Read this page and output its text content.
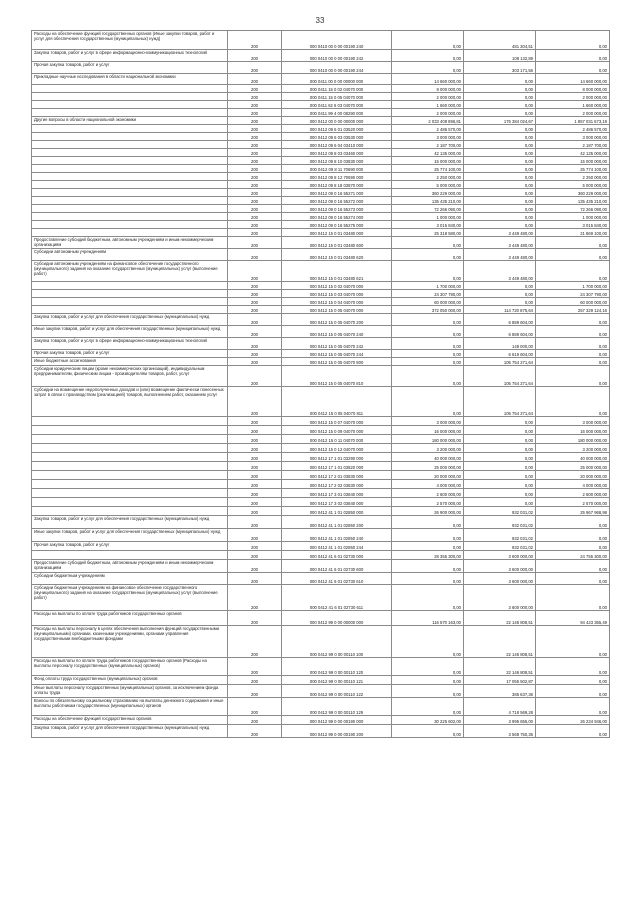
33
Расходы на обеспечение функций государственных органов (Иные закупки товаров, работ и услуг для обеспечения государственных (муниципальных) нужд)	200	000 0410 00 0 00 00190 240	0,00	481 304,51	0,00
Закупка товаров, работ и услуг в сфере информационно-коммуникационных технологий	200	000 0410 00 0 00 00190 242	0,00	108 132,89	0,00
Прочая закупка товаров, работ и услуг	200	000 0410 00 0 00 00190 244	0,00	303 171,56	0,00
Прикладные научные исследования в области национальной экономики	200	000 0411 00 0 00 00000 000	14 660 000,00	0,00	14 660 000,00
	200	000 0411 15 0 02 04070 000	8 000 000,00	0,00	8 000 000,00
	200	000 0411 15 0 05 04070 000	2 000 000,00	0,00	2 000 000,00
	200	000 0411 62 6 03 04070 000	1 660 000,00	0,00	1 660 000,00
	200	000 0411 99 4 00 08290 000	2 000 000,00	0,00	2 000 000,00
Другие вопросы в области национальной экономики	200	000 0412 00 0 00 00000 000	2 033 408 896,81	176 384 024,67	1 857 031 673,19
	200	000 0412 09 6 01 03520 000	2 486 570,00	0,00	2 486 570,00
	200	000 0412 09 6 03 03530 000	3 000 000,00	0,00	3 000 000,00
	200	000 0412 09 6 04 03410 000	2 187 700,00	0,00	2 187 700,00
	200	000 0412 09 8 03 03460 000	42 135 000,00	0,00	42 135 000,00
	200	000 0412 09 8 10 03830 000	15 000 000,00	0,00	15 000 000,00
	200	000 0412 09 8 11 70690 000	25 774 100,00	0,00	25 774 100,00
	200	000 0412 09 8 12 70690 000	2 250 000,00	0,00	2 250 000,00
	200	000 0412 09 8 18 03870 000	5 000 000,00	0,00	5 000 000,00
	200	000 0412 09 0 16 55271 000	360 229 000,00	0,00	360 229 000,00
	200	000 0412 09 0 16 55272 000	135 435 210,00	0,00	135 435 210,00
	200	000 0412 09 0 16 55273 000	72 266 090,00	0,00	72 266 090,00
	200	000 0412 09 0 16 55274 000	1 000 000,00	0,00	1 000 000,00
	200	000 0412 09 0 16 55275 000	3 015 840,00	0,00	3 015 840,00
	200	000 0412 15 0 01 03480 000	25 318 580,00	3 449 480,00	21 869 100,00
Предоставление субсидий бюджетным, автономным учреждениям и иным некоммерческим организациям	200	000 0412 15 0 01 03480 600	0,00	3 449 480,00	0,00
Субсидии автономным учреждениям	200	000 0412 15 0 01 03480 620	0,00	3 449 480,00	0,00
Субсидии автономным учреждениям на финансовое обеспечение государственного (муниципального) задания на оказание государственных (муниципальных) услуг (выполнение работ)	200	000 0412 15 0 01 03480 621	0,00	3 449 480,00	0,00
	200	000 0412 15 0 02 04070 000	1 700 000,00	0,00	1 700 000,00
	200	000 0412 15 0 03 04070 000	24 307 790,00	0,00	24 307 790,00
	200	000 0412 15 0 04 04070 000	60 000 000,00	0,00	60 000 000,00
	200	000 0412 15 0 05 04070 000	372 050 000,00	114 720 875,64	257 329 124,16
Закупка товаров, работ и услуг для обеспечения государственных (муниципальных) нужд	200	000 0412 15 0 05 04070 200	0,00	6 889 604,00	0,00
Иные закупки товаров, работ и услуг для обеспечения государственных (муниципальных) нужд	200	000 0412 15 0 05 04070 240	0,00	6 889 604,00	0,00
Закупка товаров, работ и услуг в сфере информационно-коммуникационных технологий	200	000 0412 15 0 05 04070 242	0,00	149 000,00	0,00
Прочая закупка товаров, работ и услуг	200	000 0412 15 0 05 04070 244	0,00	6 619 604,00	0,00
Иные бюджетные ассигнования	200	000 0412 15 0 05 04070 800	0,00	105 754 271,64	0,00
Субсидии юридическим лицам (кроме некоммерческих организаций), индивидуальным предпринимателям, физическим лицам - производителям товаров, работ, услуг	200	000 0412 15 0 05 04070 810	0,00	105 754 271,64	0,00
Субсидии на возмещение недополученных доходов и (или) возмещение фактически понесенных затрат в связи с производством (реализацией) товаров, выполнением работ, оказанием услуг	200	000 0412 15 0 05 04070 811	0,00	105 754 271,64	0,00
	200	000 0412 15 0 07 04070 000	3 000 000,00	0,00	3 000 000,00
	200	000 0412 15 0 09 04070 000	16 000 000,00	0,00	16 000 000,00
	200	000 0412 15 0 11 04070 000	180 000 000,00	0,00	180 000 000,00
	200	000 0412 15 0 12 04070 000	3 200 000,00	0,00	3 200 000,00
	200	000 0412 17 1 01 03290 000	40 000 000,00	0,00	40 000 000,00
	200	000 0412 17 1 01 03820 000	25 000 000,00	0,00	25 000 000,00
	200	000 0412 17 2 01 03830 000	20 000 000,00	0,00	20 000 000,00
	200	000 0412 17 2 02 03830 000	4 000 000,00	0,00	4 000 000,00
	200	000 0412 17 3 01 03840 000	2 600 000,00	0,00	2 600 000,00
	200	000 0412 17 3 02 03840 000	2 570 000,00	0,00	2 570 000,00
	200	000 0412 41 1 01 02850 000	26 900 000,00	932 031,02	25 967 968,98
Закупка товаров, работ и услуг для обеспечения государственных (муниципальных) нужд	200	000 0412 41 1 01 02850 200	0,00	932 031,02	0,00
Иные закупки товаров, работ и услуг для обеспечения государственных (муниципальных) нужд	200	000 0412 41 1 01 02850 240	0,00	932 031,02	0,00
Прочая закупка товаров, работ и услуг	200	000 0412 41 1 01 02850 244	0,00	932 031,02	0,00
	200	000 0412 41 6 01 02730 000	28 355 300,00	3 600 000,00	24 755 300,00
Предоставление субсидий бюджетным, автономным учреждениям и иным некоммерческим организациям	200	000 0412 41 6 01 02730 600	0,00	3 600 000,00	0,00
Субсидии бюджетным учреждениям	200	000 0412 41 6 01 02730 610	0,00	3 600 000,00	0,00
Субсидии бюджетным учреждениям на финансовое обеспечение государственного (муниципального) задания на оказание государственных (муниципальных) услуг (выполнение работ)	200	000 0412 41 6 01 02730 611	0,00	3 600 000,00	0,00
Расходы на выплаты по оплате труда работников государственных органов	200	000 0412 99 0 00 00000 000	116 570 163,00	22 146 808,51	94 423 355,49
Расходы на выплаты персоналу в целях обеспечения выполнения функций государственными (муниципальными) органами, казенными учреждениями, органами управления государственными внебюджетными фондами	200	000 0412 99 0 00 00110 100	0,00	22 146 808,51	0,00
Расходы на выплаты по оплате труда работников государственных органов (Расходы на выплаты персоналу государственных (муниципальных) органов)	200	000 0412 99 0 00 00110 120	0,00	22 146 808,51	0,00
Фонд оплаты труда государственных (муниципальных) органов	200	000 0412 99 0 00 00110 121	0,00	17 055 502,87	0,00
Иные выплаты персоналу государственных (муниципальных) органов, за исключением фонда оплаты труда	200	000 0412 99 0 00 00110 122	0,00	385 637,36	0,00
Взносы по обязательному социальному страхованию на выплаты денежного содержания и иные выплаты работникам государственных (муниципальных) органов	200	000 0412 99 0 00 00110 129	0,00	4 718 569,28	0,00
Расходы на обеспечение функций государственных органов	200	000 0412 99 0 00 00190 000	30 225 602,00	3 995 655,00	26 234 946,00
Закупка товаров, работ и услуг для обеспечения государственных (муниципальных) нужд	200	000 0412 99 0 00 00190 200	0,00	3 568 750,35	0,00
